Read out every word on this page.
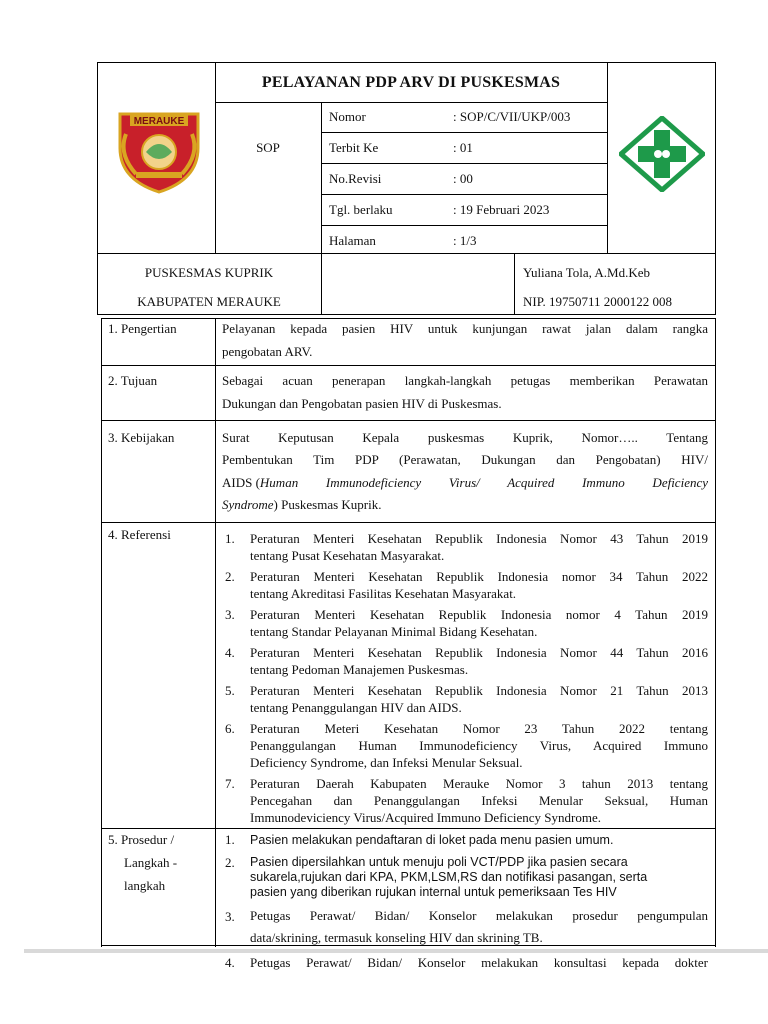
MERAUKE
PELAYANAN PDP ARV DI PUSKESMAS
SOP
Nomor	: SOP/C/VII/UKP/003
Terbit Ke	: 01
No.Revisi	: 00
Tgl. berlaku	: 19 Februari 2023
Halaman	: 1/3
PUSKESMAS KUPRIK
KABUPATEN MERAUKE
Yuliana Tola, A.Md.Keb
NIP. 19750711 2000122 008
1. Pengertian	Pelayanan kepada pasien HIV untuk kunjungan rawat jalan dalam rangka
pengobatan ARV.
2. Tujuan	Sebagai acuan penerapan langkah-langkah petugas memberikan Perawatan
Dukungan dan Pengobatan pasien HIV di Puskesmas.
3. Kebijakan	Surat Keputusan Kepala puskesmas Kuprik, Nomor….. Tentang
Pembentukan Tim PDP (Perawatan, Dukungan dan Pengobatan) HIV/
AIDS ( Human Immunodeficiency Virus/ Acquired Immuno Deficiency
Syndrome) Puskesmas Kuprik.
4. Referensi	1. Peraturan Menteri Kesehatan Republik Indonesia Nomor 43 Tahun 2019
tentang Pusat Kesehatan Masyarakat.
2. Peraturan Menteri Kesehatan Republik Indonesia nomor 34 Tahun 2022
tentang Akreditasi Fasilitas Kesehatan Masyarakat.
3. Peraturan Menteri Kesehatan Republik Indonesia nomor 4 Tahun 2019
tentang Standar Pelayanan Minimal Bidang Kesehatan.
4. Peraturan Menteri Kesehatan Republik Indonesia Nomor 44 Tahun 2016
tentang Pedoman Manajemen Puskesmas.
5. Peraturan Menteri Kesehatan Republik Indonesia Nomor 21 Tahun 2013
tentang Penanggulangan HIV dan AIDS.
6. Peraturan Meteri Kesehatan Nomor 23 Tahun 2022 tentang
Penanggulangan Human Immunodeficiency Virus, Acquired Immuno
Deficiency Syndrome, dan Infeksi Menular Seksual.
7. Peraturan Daerah Kabupaten Merauke Nomor 3 tahun 2013 tentang
Pencegahan dan Penanggulangan Infeksi Menular Seksual, Human
Immunodeviciency Virus/Acquired Immuno Deficiency Syndrome.
5. Prosedur /
Langkah -
langkah
1. Pasien melakukan pendaftaran di loket pada menu pasien umum.
2. Pasien dipersilahkan untuk menuju poli VCT/PDP jika pasien secara
sukarela,rujukan dari KPA, PKM,LSM,RS dan notifikasi pasangan, serta
pasien yang diberikan rujukan internal untuk pemeriksaan Tes HIV
3. Petugas Perawat/ Bidan/ Konselor melakukan prosedur pengumpulan
data/skrining, termasuk konseling HIV dan skrining TB.
4. Petugas Perawat/ Bidan/ Konselor melakukan konsultasi kepada dokter
